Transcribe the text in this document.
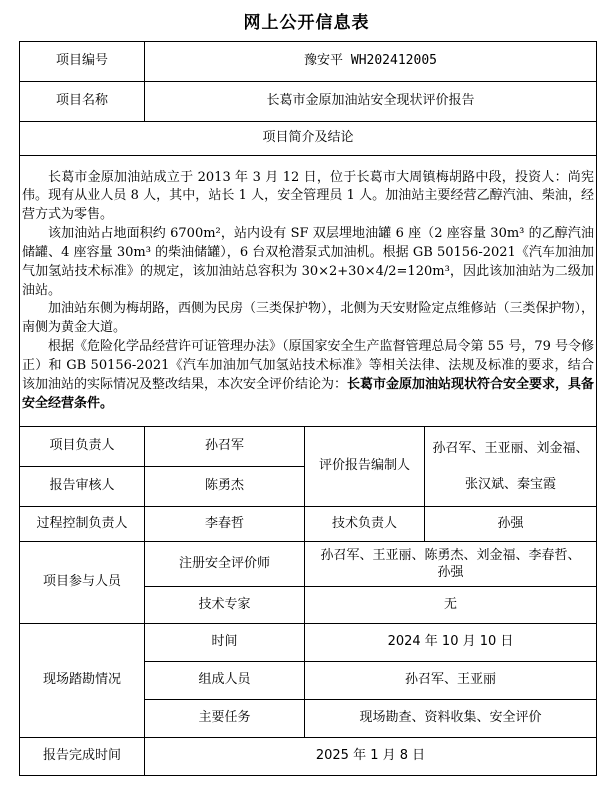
网上公开信息表
项目编号	豫安平 WH202412005		
项目名称	长葛市金原加油站安全现状评价报告		
项目简介及结论			

长葛市金原加油站成立于 2013 年 3 月 12 日，位于长葛市大周镇梅胡路中段，投资人：尚宪伟。现有从业人员 8 人，其中，站长 1 人，安全管理员 1 人。加油站主要经营乙醇汽油、柴油，经营方式为零售。

该加油站占地面积约 6700m²，站内设有 SF 双层埋地油罐 6 座（2 座容量 30m³ 的乙醇汽油储罐、4 座容量 30m³ 的柴油储罐），6 台双枪潜泵式加油机。根据 GB 50156-2021《汽车加油加气加氢站技术标准》的规定，该加油站总容积为 30×2+30×4/2=120m³，因此该加油站为二级加油站。

加油站东侧为梅胡路，西侧为民房（三类保护物），北侧为天安财险定点维修站（三类保护物），南侧为黄金大道。

根据《危险化学品经营许可证管理办法》（原国家安全生产监督管理总局令第 55 号，79 号令修正）和 GB 50156-2021《汽车加油加气加氢站技术标准》等相关法律、法规及标准的要求，结合该加油站的实际情况及整改结果，本次安全评价结论为：长葛市金原加油站现状符合安全要求，具备安全经营条件。			

项目负责人	孙召军	评价报告编制人	孙召军、王亚丽、刘金福、
张汉斌、秦宝霞

报告审核人	陈勇杰		
过程控制负责人	李春哲	技术负责人	孙强
项目参与人员	注册安全评价师	孙召军、王亚丽、陈勇杰、刘金福、李春哲、
孙强	

	技术专家	无	
现场踏勘情况	时间	2024 年 10 月 10 日	
	组成人员	孙召军、王亚丽	
	主要任务	现场勘查、资料收集、安全评价	
报告完成时间	2025 年 1 月 8 日		
